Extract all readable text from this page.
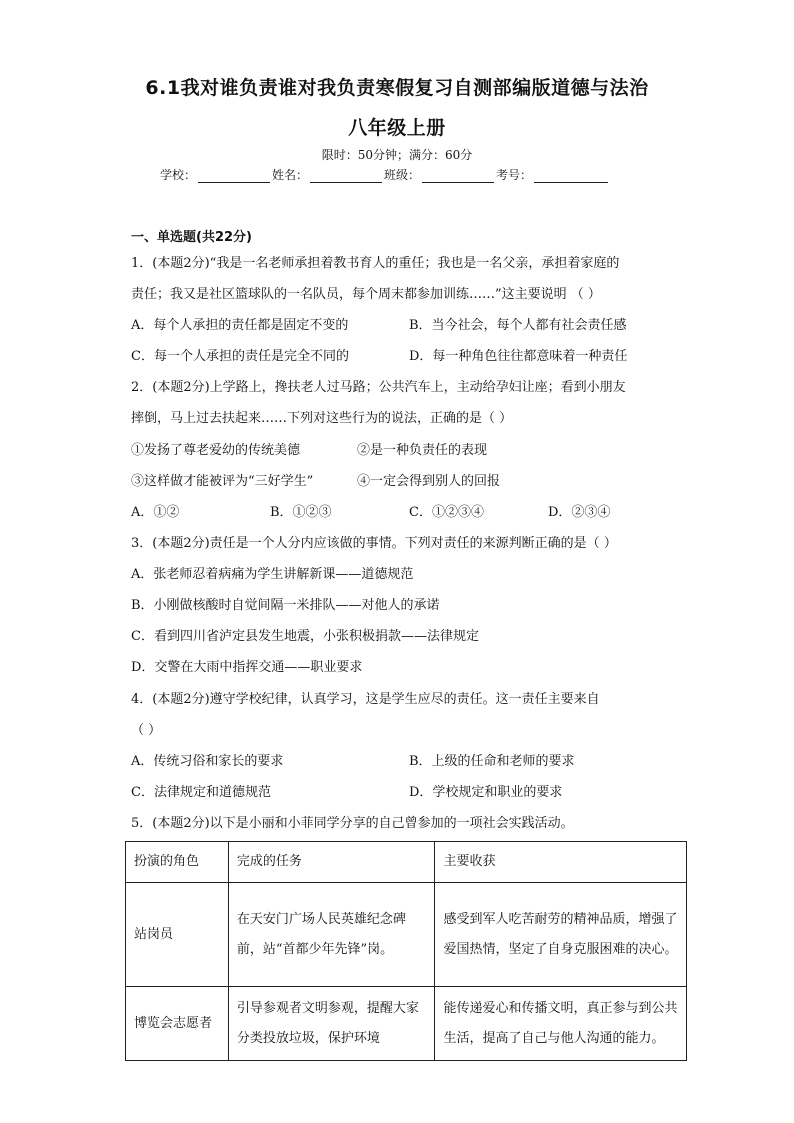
6.1我对谁负责谁对我负责寒假复习自测部编版道德与法治
八年级上册
限时：50分钟；满分：60分
学校：	姓名：	班级：	考号：
一、单选题(共22分)
1．(本题2分)“我是一名老师承担着教书育人的重任；我也是一名父亲，承担着家庭的
责任；我又是社区篮球队的一名队员，每个周末都参加训练……”这主要说明 （ ）
A．每个人承担的责任都是固定不变的	B．当今社会，每个人都有社会责任感
C．每一个人承担的责任是完全不同的	D．每一种角色往往都意味着一种责任
2．(本题2分)上学路上，搀扶老人过马路；公共汽车上，主动给孕妇让座；看到小朋友
摔倒，马上过去扶起来……下列对这些行为的说法，正确的是（ ）
①发扬了尊老爱幼的传统美德	②是一种负责任的表现
③这样做才能被评为“三好学生”	④一定会得到别人的回报
A．①②	B．①②③	C．①②③④	D．②③④
3．(本题2分)责任是一个人分内应该做的事情。下列对责任的来源判断正确的是（ ）
A．张老师忍着病痛为学生讲解新课——道德规范
B．小刚做核酸时自觉间隔一米排队——对他人的承诺
C．看到四川省泸定县发生地震，小张积极捐款——法律规定
D．交警在大雨中指挥交通——职业要求
4．(本题2分)遵守学校纪律，认真学习，这是学生应尽的责任。这一责任主要来自
（ ）
A．传统习俗和家长的要求	B．上级的任命和老师的要求
C．法律规定和道德规范	D．学校规定和职业的要求
5．(本题2分)以下是小丽和小菲同学分享的自己曾参加的一项社会实践活动。
扮演的角色	完成的任务	主要收获
站岗员	在天安门广场人民英雄纪念碑前，站“首都少年先锋”岗。	感受到军人吃苦耐劳的精神品质，增强了爱国热情，坚定了自身克服困难的决心。

博览会志愿者	引导参观者文明参观，提醒大家分类投放垃圾，保护环境	能传递爱心和传播文明，真正参与到公共生活，提高了自己与他人沟通的能力。
